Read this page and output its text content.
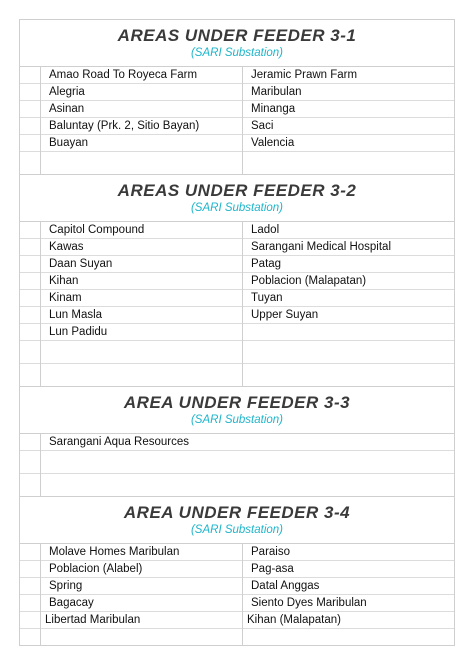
AREAS UNDER FEEDER 3-1
(SARI Substation)
	Amao Road To Royeca Farm	Jeramic Prawn Farm
	Alegria	Maribulan
	Asinan	Minanga
	Baluntay (Prk. 2, Sitio Bayan)	Saci
	Buayan	Valencia

AREAS UNDER FEEDER 3-2
(SARI Substation)
	Capitol Compound	Ladol
	Kawas	Sarangani Medical Hospital
	Daan Suyan	Patag
	Kihan	Poblacion (Malapatan)
	Kinam	Tuyan
	Lun Masla	Upper Suyan
	Lun Padidu	

AREA UNDER FEEDER 3-3
(SARI Substation)
	Sarangani Aqua Resources	

AREA UNDER FEEDER 3-4
(SARI Substation)
	Molave Homes Maribulan	Paraiso
	Poblacion (Alabel)	Pag-asa
	Spring	Datal Anggas
	Bagacay	Siento Dyes Maribulan
	Libertad Maribulan	Kihan (Malapatan)
